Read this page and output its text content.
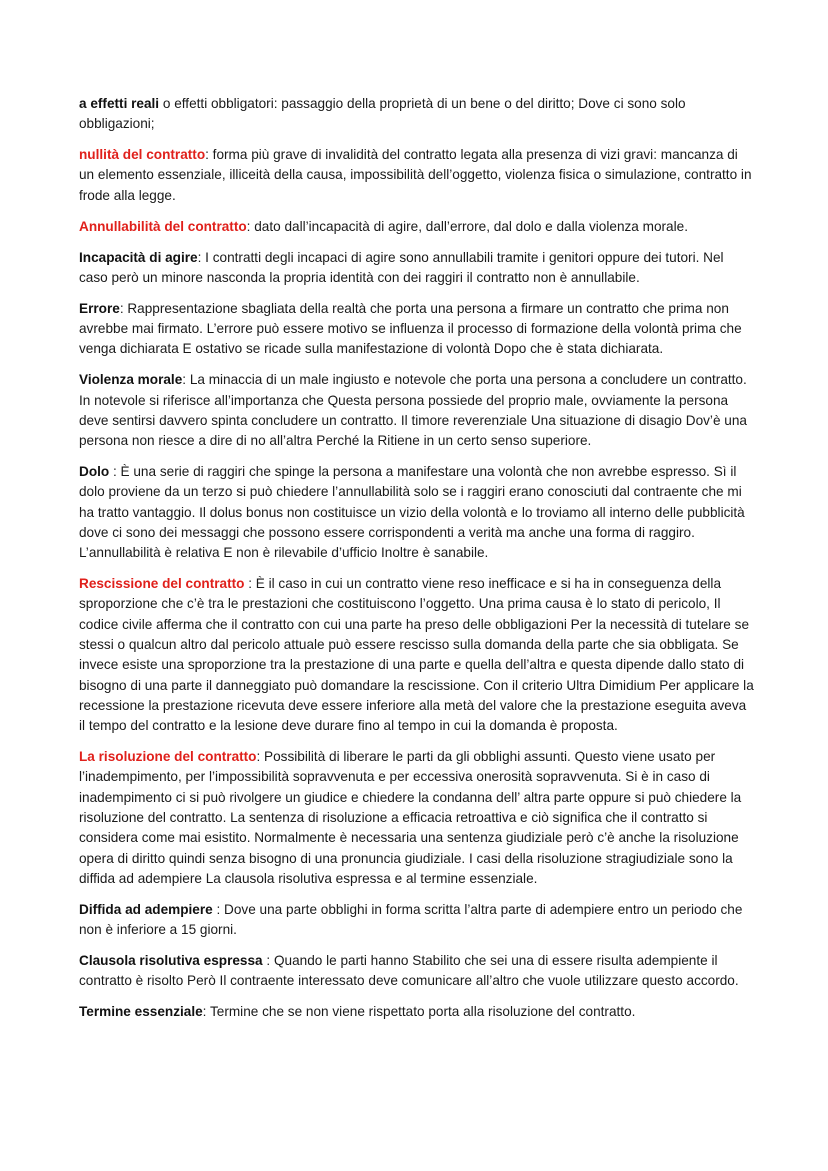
a effetti reali o effetti obbligatori: passaggio della proprietà di un bene o del diritto; Dove ci sono solo obbligazioni;

nullità del contratto: forma più grave di invalidità del contratto legata alla presenza di vizi gravi: mancanza di un elemento essenziale, illiceità della causa, impossibilità dell’oggetto, violenza fisica o simulazione, contratto in frode alla legge.

Annullabilità del contratto: dato dall’incapacità di agire, dall’errore, dal dolo e dalla violenza morale.

Incapacità di agire: I contratti degli incapaci di agire sono annullabili tramite i genitori oppure dei tutori. Nel caso però un minore nasconda la propria identità con dei raggiri il contratto non è annullabile.

Errore: Rappresentazione sbagliata della realtà che porta una persona a firmare un contratto che prima non avrebbe mai firmato. L’errore può essere motivo se influenza il processo di formazione della volontà prima che venga dichiarata E ostativo se ricade sulla manifestazione di volontà Dopo che è stata dichiarata.

Violenza morale: La minaccia di un male ingiusto e notevole che porta una persona a concludere un contratto. In notevole si riferisce all’importanza che Questa persona possiede del proprio male, ovviamente la persona deve sentirsi davvero spinta concludere un contratto. Il timore reverenziale Una situazione di disagio Dov’è una persona non riesce a dire di no all’altra Perché la Ritiene in un certo senso superiore.

Dolo : È una serie di raggiri che spinge la persona a manifestare una volontà che non avrebbe espresso. Sì il dolo proviene da un terzo si può chiedere l’annullabilità solo se i raggiri erano conosciuti dal contraente che mi ha tratto vantaggio. Il dolus bonus non costituisce un vizio della volontà e lo troviamo all interno delle pubblicità dove ci sono dei messaggi che possono essere corrispondenti a verità ma anche una forma di raggiro. L’annullabilità è relativa E non è rilevabile d’ufficio Inoltre è sanabile.

Rescissione del contratto : È il caso in cui un contratto viene reso inefficace e si ha in conseguenza della sproporzione che c’è tra le prestazioni che costituiscono l’oggetto. Una prima causa è lo stato di pericolo, Il codice civile afferma che il contratto con cui una parte ha preso delle obbligazioni Per la necessità di tutelare se stessi o qualcun altro dal pericolo attuale può essere rescisso sulla domanda della parte che sia obbligata. Se invece esiste una sproporzione tra la prestazione di una parte e quella dell’altra e questa dipende dallo stato di bisogno di una parte il danneggiato può domandare la rescissione. Con il criterio Ultra Dimidium Per applicare la recessione la prestazione ricevuta deve essere inferiore alla metà del valore che la prestazione eseguita aveva il tempo del contratto e la lesione deve durare fino al tempo in cui la domanda è proposta.

La risoluzione del contratto: Possibilità di liberare le parti da gli obblighi assunti. Questo viene usato per l’inadempimento, per l’impossibilità sopravvenuta e per eccessiva onerosità sopravvenuta. Si è in caso di inadempimento ci si può rivolgere un giudice e chiedere la condanna dell’ altra parte oppure si può chiedere la risoluzione del contratto. La sentenza di risoluzione a efficacia retroattiva e ciò significa che il contratto si considera come mai esistito. Normalmente è necessaria una sentenza giudiziale però c’è anche la risoluzione opera di diritto quindi senza bisogno di una pronuncia giudiziale. I casi della risoluzione stragiudiziale sono la diffida ad adempiere La clausola risolutiva espressa e al termine essenziale.

Diffida ad adempiere : Dove una parte obblighi in forma scritta l’altra parte di adempiere entro un periodo che non è inferiore a 15 giorni.

Clausola risolutiva espressa : Quando le parti hanno Stabilito che sei una di essere risulta adempiente il contratto è risolto Però Il contraente interessato deve comunicare all’altro che vuole utilizzare questo accordo.

Termine essenziale: Termine che se non viene rispettato porta alla risoluzione del contratto.
